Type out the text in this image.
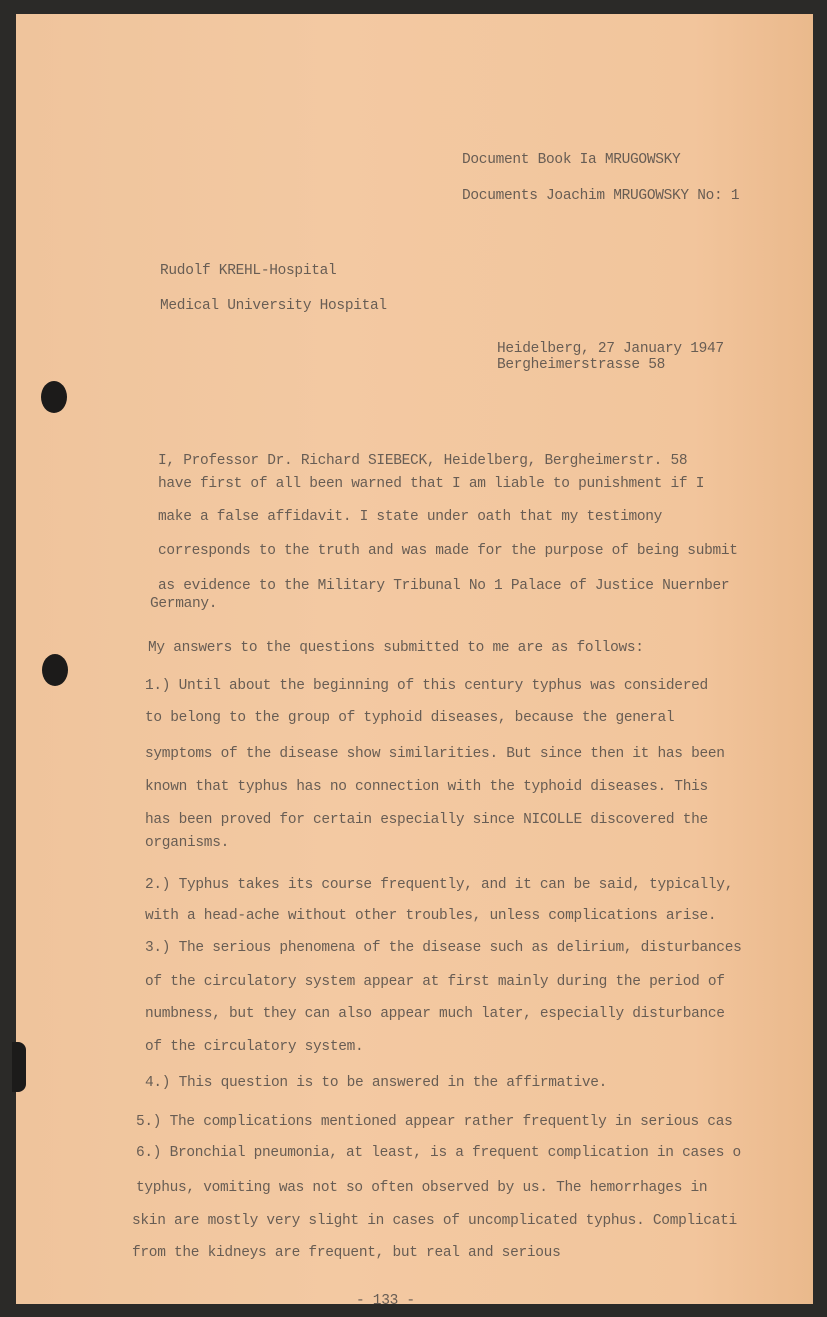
Document Book Ia MRUGOWSKY
Documents Joachim MRUGOWSKY No: 1
Rudolf KREHL-Hospital
Medical University Hospital
Heidelberg, 27 January 1947
Bergheimerstrasse 58
I, Professor Dr. Richard SIEBECK, Heidelberg, Bergheimerstr. 58
have first of all been warned that I am liable to punishment if I
make a false affidavit. I state under oath that my testimony
corresponds to the truth and was made for the purpose of being submit
as evidence to the Military Tribunal No 1 Palace of Justice Nuernber
Germany.
My answers to the questions submitted to me are as follows:
1.) Until about the beginning of this century typhus was considered
to belong to the group of typhoid diseases, because the general
symptoms of the disease show similarities. But since then it has been
known that typhus has no connection with the typhoid diseases. This
has been proved for certain especially since NICOLLE discovered the
organisms.
2.) Typhus takes its course frequently, and it can be said, typically,
with a head-ache without other troubles, unless complications arise.
3.) The serious phenomena of the disease such as delirium, disturbances
of the circulatory system appear at first mainly during the period of
numbness, but they can also appear much later, especially disturbance
of the circulatory system.
4.) This question is to be answered in the affirmative.
5.) The complications mentioned appear rather frequently in serious cas
6.) Bronchial pneumonia, at least, is a frequent complication in cases o
typhus, vomiting was not so often observed by us. The hemorrhages in
skin are mostly very slight in cases of uncomplicated typhus. Complicati
from the kidneys are frequent, but real and serious
- 133 -
